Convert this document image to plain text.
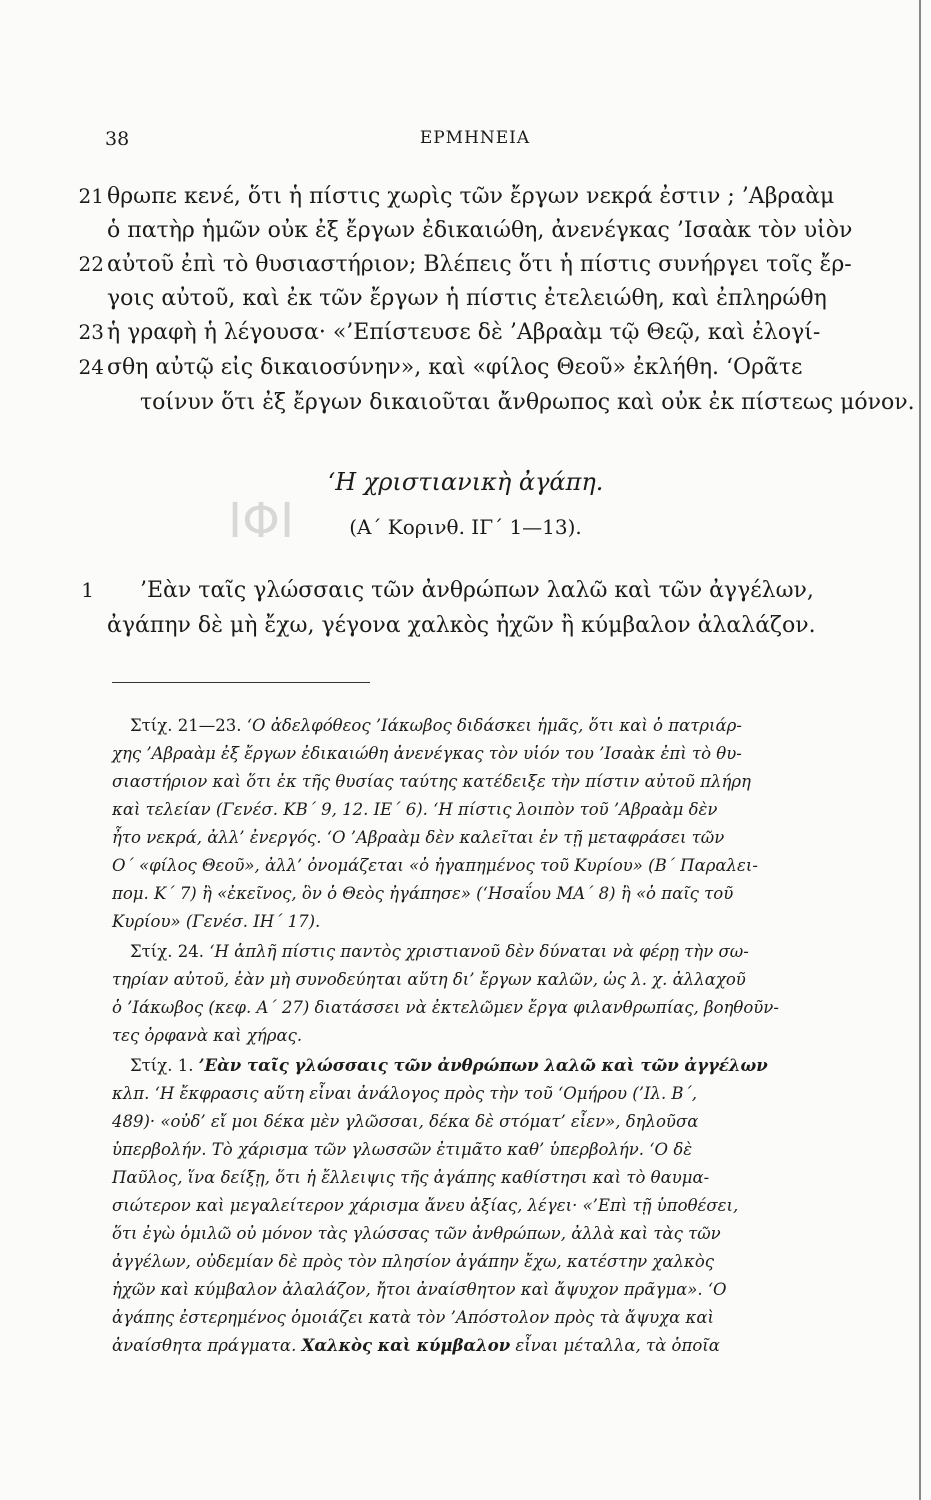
38	ΕΡΜΗΝΕΙΑ
21 θρωπε κενέ, ὅτι ἡ πίστις χωρὶς τῶν ἔργων νεκρά ἐστιν ; ’Αβραὰμ
ὁ πατὴρ ἡμῶν οὐκ ἐξ ἔργων ἐδικαιώθη, ἀνενέγκας ’Ισαὰκ τὸν υἱὸν
22 αὐτοῦ ἐπὶ τὸ θυσιαστήριον; Βλέπεις ὅτι ἡ πίστις συνήργει τοῖς ἔρ-
γοις αὐτοῦ, καὶ ἐκ τῶν ἔργων ἡ πίστις ἐτελειώθη, καὶ ἐπληρώθη
23 ἡ γραφὴ ἡ λέγουσα· «’Επίστευσε δὲ ’Αβραὰμ τῷ Θεῷ, καὶ ἐλογί-
24 σθη αὐτῷ εἰς δικαιοσύνην», καὶ «φίλος Θεοῦ» ἐκλήθη. ‘Ορᾶτε
τοίνυν ὅτι ἐξ ἔργων δικαιοῦται ἄνθρωπος καὶ οὐκ ἐκ πίστεως μόνον.
‘Η χριστιανικὴ ἀγάπη.
(Α΄ Κορινθ. ΙΓ΄ 1—13).
ΙΦΙ
1 ’Εὰν ταῖς γλώσσαις τῶν ἀνθρώπων λαλῶ καὶ τῶν ἀγγέλων,
ἀγάπην δὲ μὴ ἔχω, γέγονα χαλκὸς ἠχῶν ἢ κύμβαλον ἀλαλάζον.
Στίχ. 21—23. ‘Ο ἀδελφόθεος ’Ιάκωβος διδάσκει ἡμᾶς, ὅτι καὶ ὁ πατριάρ-
χης ’Αβραὰμ ἐξ ἔργων ἐδικαιώθη ἀνενέγκας τὸν υἱόν του ’Ισαὰκ ἐπὶ τὸ θυ-
σιαστήριον καὶ ὅτι ἐκ τῆς θυσίας ταύτης κατέδειξε τὴν πίστιν αὐτοῦ πλήρη
καὶ τελείαν (Γενέσ. ΚΒ΄ 9, 12. ΙΕ΄ 6). ‘Η πίστις λοιπὸν τοῦ ’Αβραὰμ δὲν
ἦτο νεκρά, ἀλλ’ ἐνεργός. ‘Ο ’Αβραὰμ δὲν καλεῖται ἐν τῇ μεταφράσει τῶν
Ο΄ «φίλος Θεοῦ», ἀλλ’ ὀνομάζεται «ὁ ἠγαπημένος τοῦ Κυρίου» (Β΄ Παραλει-
πομ. Κ΄ 7) ἢ «ἐκεῖνος, ὃν ὁ Θεὸς ἠγάπησε» (‘Ησαΐου ΜΑ΄ 8) ἢ «ὁ παῖς τοῦ
Κυρίου» (Γενέσ. ΙΗ΄ 17).
Στίχ. 24. ‘Η ἁπλῆ πίστις παντὸς χριστιανοῦ δὲν δύναται νὰ φέρῃ τὴν σω-
τηρίαν αὐτοῦ, ἐὰν μὴ συνοδεύηται αὕτη δι’ ἔργων καλῶν, ὡς λ. χ. ἀλλαχοῦ
ὁ ’Ιάκωβος (κεφ. Α΄ 27) διατάσσει νὰ ἐκτελῶμεν ἔργα φιλανθρωπίας, βοηθοῦν-
τες ὀρφανὰ καὶ χήρας.
Στίχ. 1. ’Εὰν ταῖς γλώσσαις τῶν ἀνθρώπων λαλῶ καὶ τῶν ἀγγέλων
κλπ. ‘Η ἔκφρασις αὕτη εἶναι ἀνάλογος πρὸς τὴν τοῦ ‘Ομήρου (’Ιλ. Β΄,
489)· «οὐδ’ εἴ μοι δέκα μὲν γλῶσσαι, δέκα δὲ στόματ’ εἶεν», δηλοῦσα
ὑπερβολήν. Τὸ χάρισμα τῶν γλωσσῶν ἐτιμᾶτο καθ’ ὑπερβολήν. ‘Ο δὲ
Παῦλος, ἵνα δείξῃ, ὅτι ἡ ἔλλειψις τῆς ἀγάπης καθίστησι καὶ τὸ θαυμα-
σιώτερον καὶ μεγαλείτερον χάρισμα ἄνευ ἀξίας, λέγει· «’Επὶ τῇ ὑποθέσει,
ὅτι ἐγὼ ὁμιλῶ οὐ μόνον τὰς γλώσσας τῶν ἀνθρώπων, ἀλλὰ καὶ τὰς τῶν
ἀγγέλων, οὐδεμίαν δὲ πρὸς τὸν πλησίον ἀγάπην ἔχω, κατέστην χαλκὸς
ἠχῶν καὶ κύμβαλον ἀλαλάζον, ἤτοι ἀναίσθητον καὶ ἄψυχον πρᾶγμα». ‘Ο
ἀγάπης ἐστερημένος ὁμοιάζει κατὰ τὸν ’Απόστολον πρὸς τὰ ἄψυχα καὶ
ἀναίσθητα πράγματα. Χαλκὸς καὶ κύμβαλον εἶναι μέταλλα, τὰ ὁποῖα
